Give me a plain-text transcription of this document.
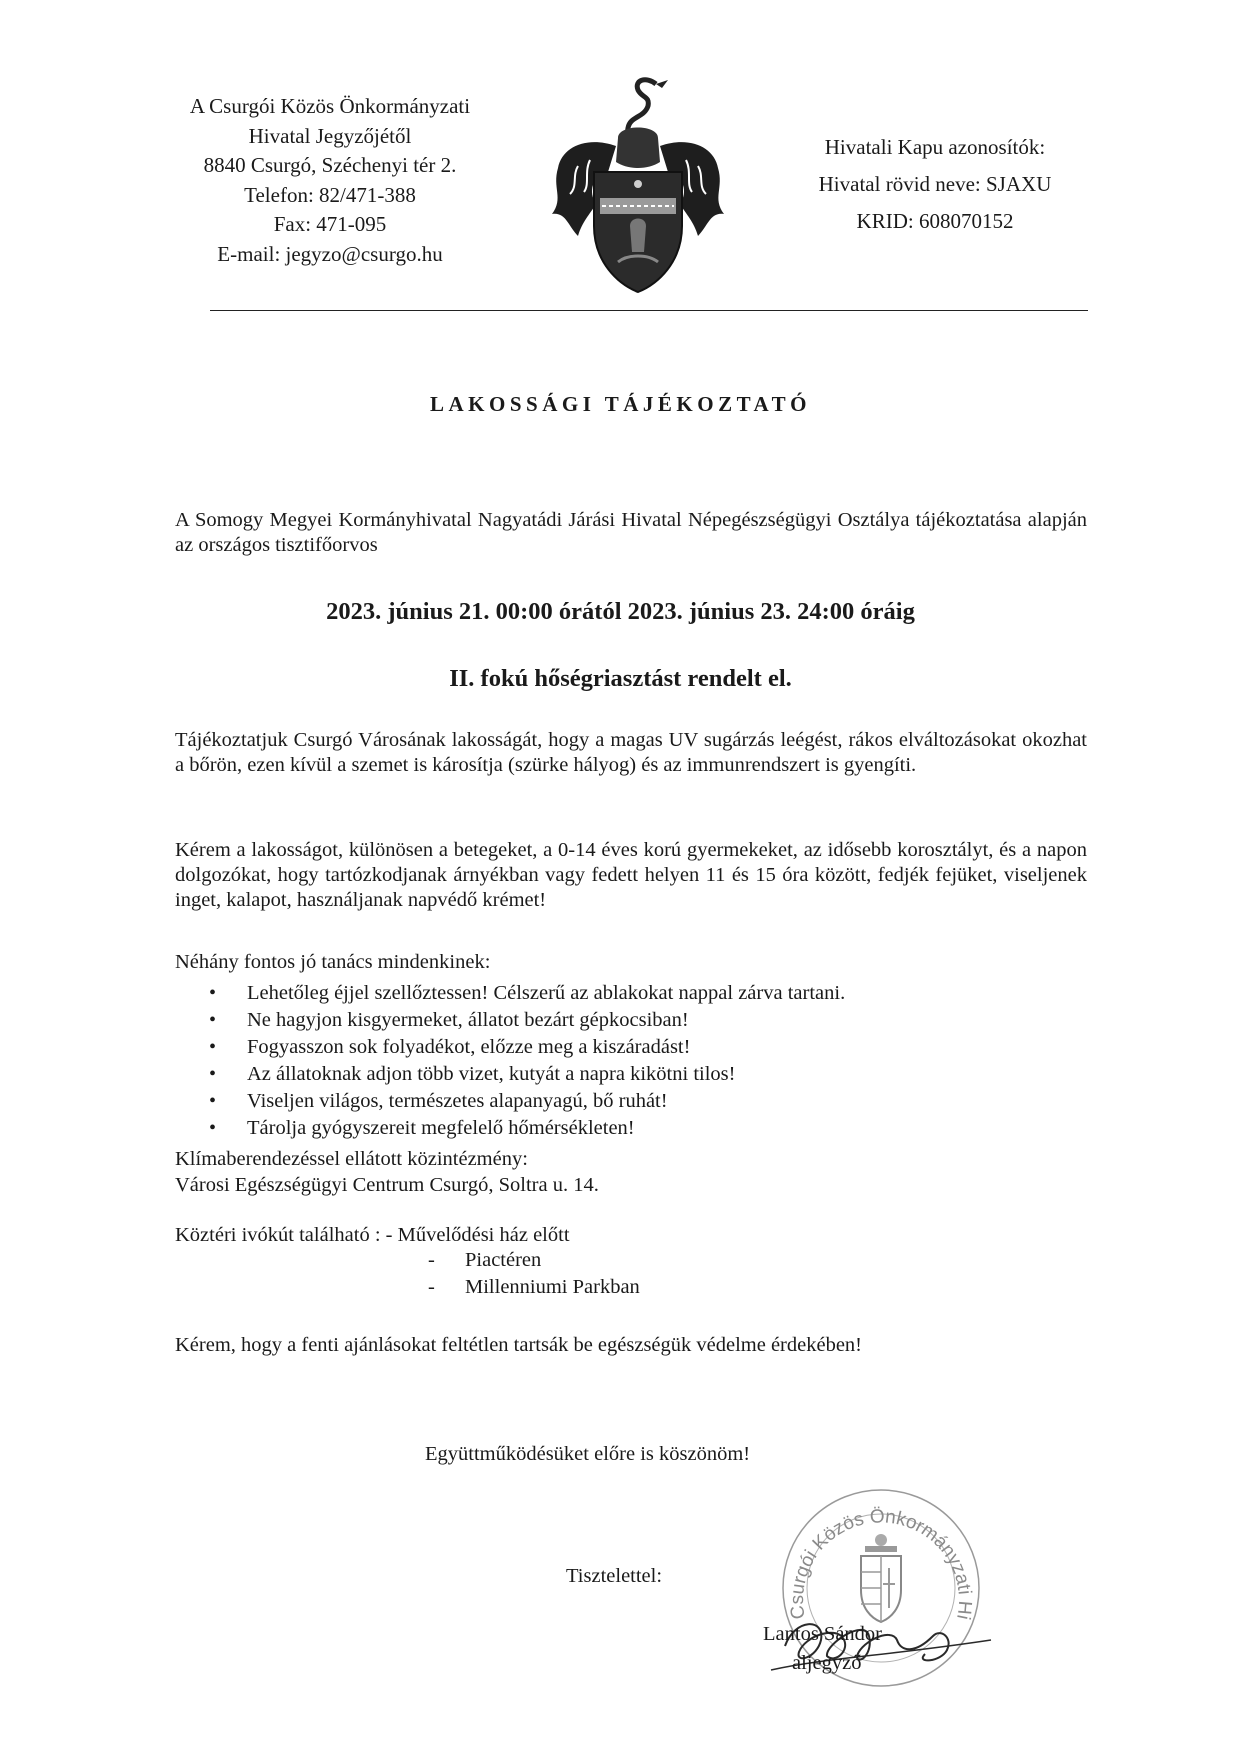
A Csurgói Közös Önkormányzati
Hivatal Jegyzőjétől
8840 Csurgó, Széchenyi tér 2.
Telefon: 82/471-388
Fax: 471-095
E-mail: jegyzo@csurgo.hu
Hivatali Kapu azonosítók:
Hivatal rövid neve: SJAXU
KRID: 608070152
LAKOSSÁGI TÁJÉKOZTATÓ
A Somogy Megyei Kormányhivatal Nagyatádi Járási Hivatal Népegészségügyi Osztálya tájékoztatása alapján az országos tisztifőorvos
2023. június 21. 00:00 órától 2023. június 23. 24:00 óráig
II. fokú hőségriasztást rendelt el.
Tájékoztatjuk Csurgó Városának lakosságát, hogy a magas UV sugárzás leégést, rákos elváltozásokat okozhat a bőrön, ezen kívül a szemet is károsítja (szürke hályog) és az immunrendszert is gyengíti.
Kérem a lakosságot, különösen a betegeket, a 0-14 éves korú gyermekeket, az idősebb korosztályt, és a napon dolgozókat, hogy tartózkodjanak árnyékban vagy fedett helyen 11 és 15 óra között, fedjék fejüket, viseljenek inget, kalapot, használjanak napvédő krémet!
Néhány fontos jó tanács mindenkinek:
• Lehetőleg éjjel szellőztessen! Célszerű az ablakokat nappal zárva tartani.
• Ne hagyjon kisgyermeket, állatot bezárt gépkocsiban!
• Fogyasszon sok folyadékot, előzze meg a kiszáradást!
• Az állatoknak adjon több vizet, kutyát a napra kikötni tilos!
• Viseljen világos, természetes alapanyagú, bő ruhát!
• Tárolja gyógyszereit megfelelő hőmérsékleten!
Klímaberendezéssel ellátott közintézmény:
Városi Egészségügyi Centrum Csurgó, Soltra u. 14.
Köztéri ivókút található : - Művelődési ház előtt
- Piactéren
- Millenniumi Parkban
Kérem, hogy a fenti ajánlásokat feltétlen tartsák be egészségük védelme érdekében!
Együttműködésüket előre is köszönöm!
Tisztelettel:
Csurgói Közös Önkormányzati Hi
Lantos Sándor
aljegyző
